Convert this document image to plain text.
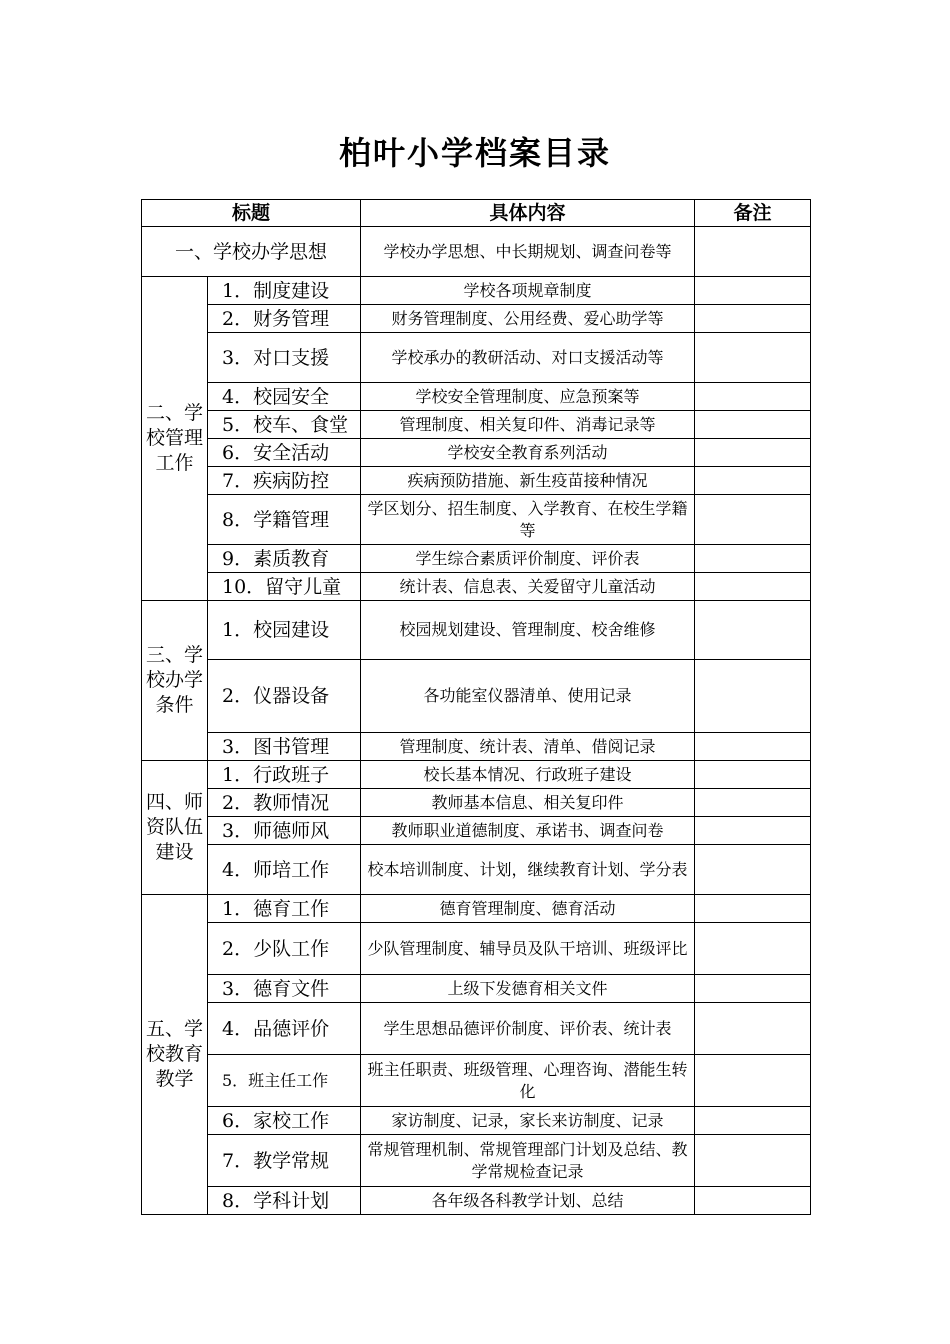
柏叶小学档案目录
标题		具体内容	备注
一、学校办学思想		学校办学思想、中长期规划、调查问卷等	
二、学校管理工作	1．制度建设	学校各项规章制度	
	2．财务管理	财务管理制度、公用经费、爱心助学等	
	3．对口支援	学校承办的教研活动、对口支援活动等	
	4．校园安全	学校安全管理制度、应急预案等	
	5．校车、食堂	管理制度、相关复印件、消毒记录等	
	6．安全活动	学校安全教育系列活动	
	7．疾病防控	疾病预防措施、新生疫苗接种情况	
	8．学籍管理	学区划分、招生制度、入学教育、在校生学籍等	
	9．素质教育	学生综合素质评价制度、评价表	
	10．留守儿童	统计表、信息表、关爱留守儿童活动	
三、学校办学条件	1．校园建设	校园规划建设、管理制度、校舍维修	
	2．仪器设备	各功能室仪器清单、使用记录	
	3．图书管理	管理制度、统计表、清单、借阅记录	
四、师资队伍建设	1．行政班子	校长基本情况、行政班子建设	
	2．教师情况	教师基本信息、相关复印件	
	3．师德师风	教师职业道德制度、承诺书、调查问卷	
	4．师培工作	校本培训制度、计划，继续教育计划、学分表	
五、学校教育教学	1．德育工作	德育管理制度、德育活动	
	2．少队工作	少队管理制度、辅导员及队干培训、班级评比	
	3．德育文件	上级下发德育相关文件	
	4．品德评价	学生思想品德评价制度、评价表、统计表	
	5．班主任工作	班主任职责、班级管理、心理咨询、潜能生转化	
	6．家校工作	家访制度、记录，家长来访制度、记录	
	7．教学常规	常规管理机制、常规管理部门计划及总结、教学常规检查记录	
	8．学科计划	各年级各科教学计划、总结	
